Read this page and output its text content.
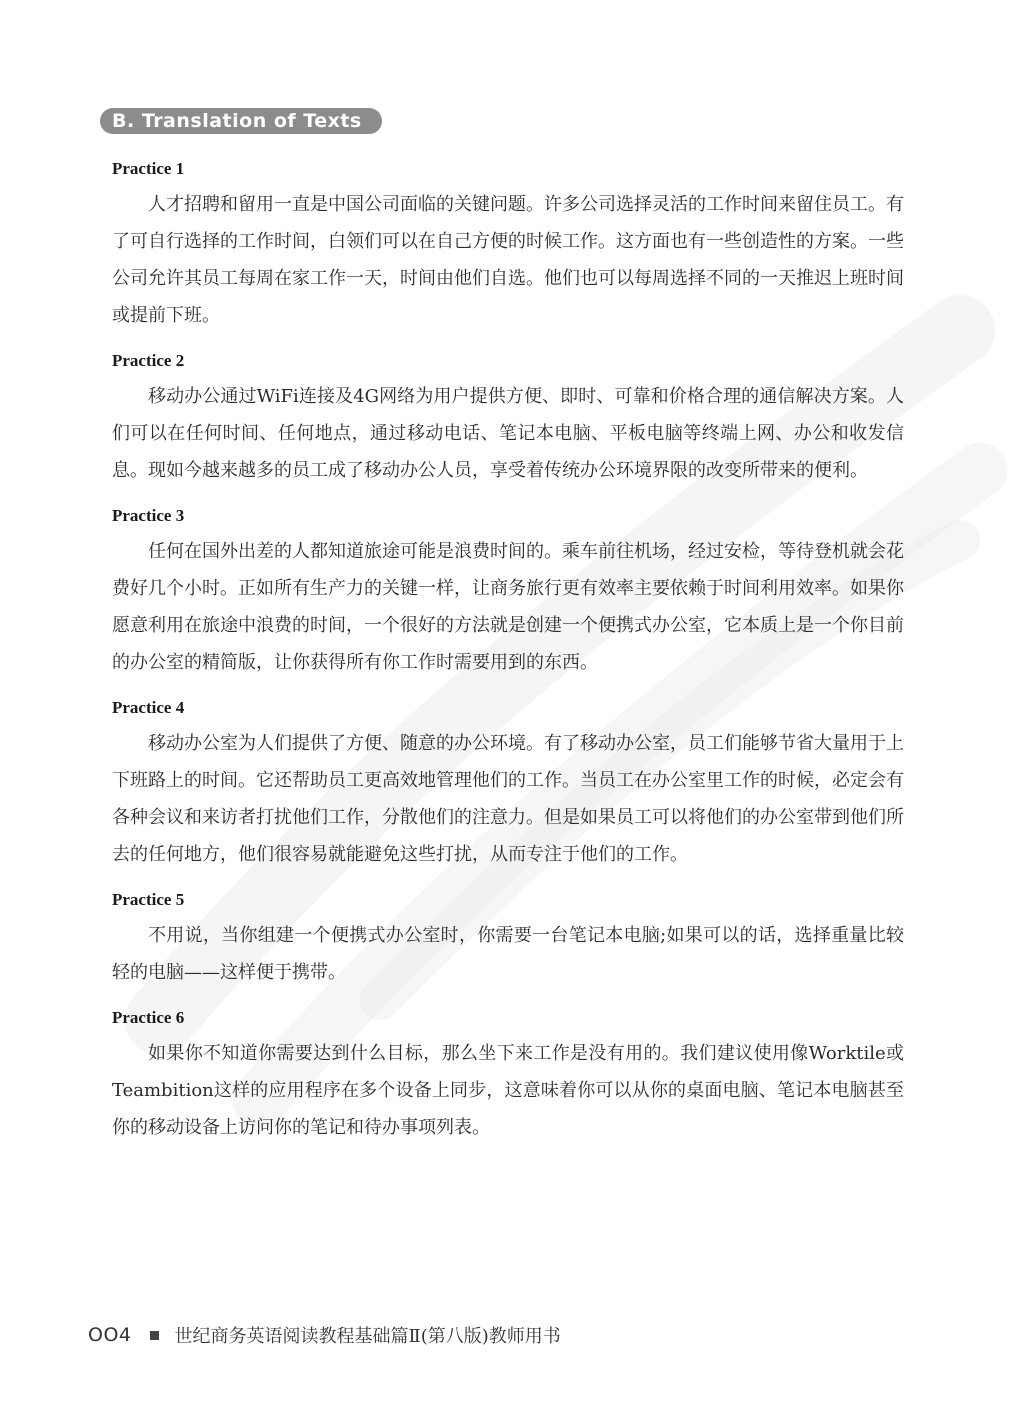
B. Translation of Texts
Practice 1

人才招聘和留用一直是中国公司面临的关键问题。许多公司选择灵活的工作时间来留住员工。有了可自行选择的工作时间，白领们可以在自己方便的时候工作。这方面也有一些创造性的方案。一些公司允许其员工每周在家工作一天，时间由他们自选。他们也可以每周选择不同的一天推迟上班时间或提前下班。

Practice 2

移动办公通过WiFi连接及4G网络为用户提供方便、即时、可靠和价格合理的通信解决方案。人们可以在任何时间、任何地点，通过移动电话、笔记本电脑、平板电脑等终端上网、办公和收发信息。现如今越来越多的员工成了移动办公人员，享受着传统办公环境界限的改变所带来的便利。

Practice 3

任何在国外出差的人都知道旅途可能是浪费时间的。乘车前往机场，经过安检，等待登机就会花费好几个小时。正如所有生产力的关键一样，让商务旅行更有效率主要依赖于时间利用效率。如果你愿意利用在旅途中浪费的时间，一个很好的方法就是创建一个便携式办公室，它本质上是一个你目前的办公室的精简版，让你获得所有你工作时需要用到的东西。

Practice 4

移动办公室为人们提供了方便、随意的办公环境。有了移动办公室，员工们能够节省大量用于上下班路上的时间。它还帮助员工更高效地管理他们的工作。当员工在办公室里工作的时候，必定会有各种会议和来访者打扰他们工作，分散他们的注意力。但是如果员工可以将他们的办公室带到他们所去的任何地方，他们很容易就能避免这些打扰，从而专注于他们的工作。

Practice 5

不用说，当你组建一个便携式办公室时，你需要一台笔记本电脑;如果可以的话，选择重量比较轻的电脑——这样便于携带。

Practice 6

如果你不知道你需要达到什么目标，那么坐下来工作是没有用的。我们建议使用像Worktile或Teambition这样的应用程序在多个设备上同步，这意味着你可以从你的桌面电脑、笔记本电脑甚至你的移动设备上访问你的笔记和待办事项列表。

OO4 世纪商务英语阅读教程基础篇Ⅱ(第八版)教师用书
